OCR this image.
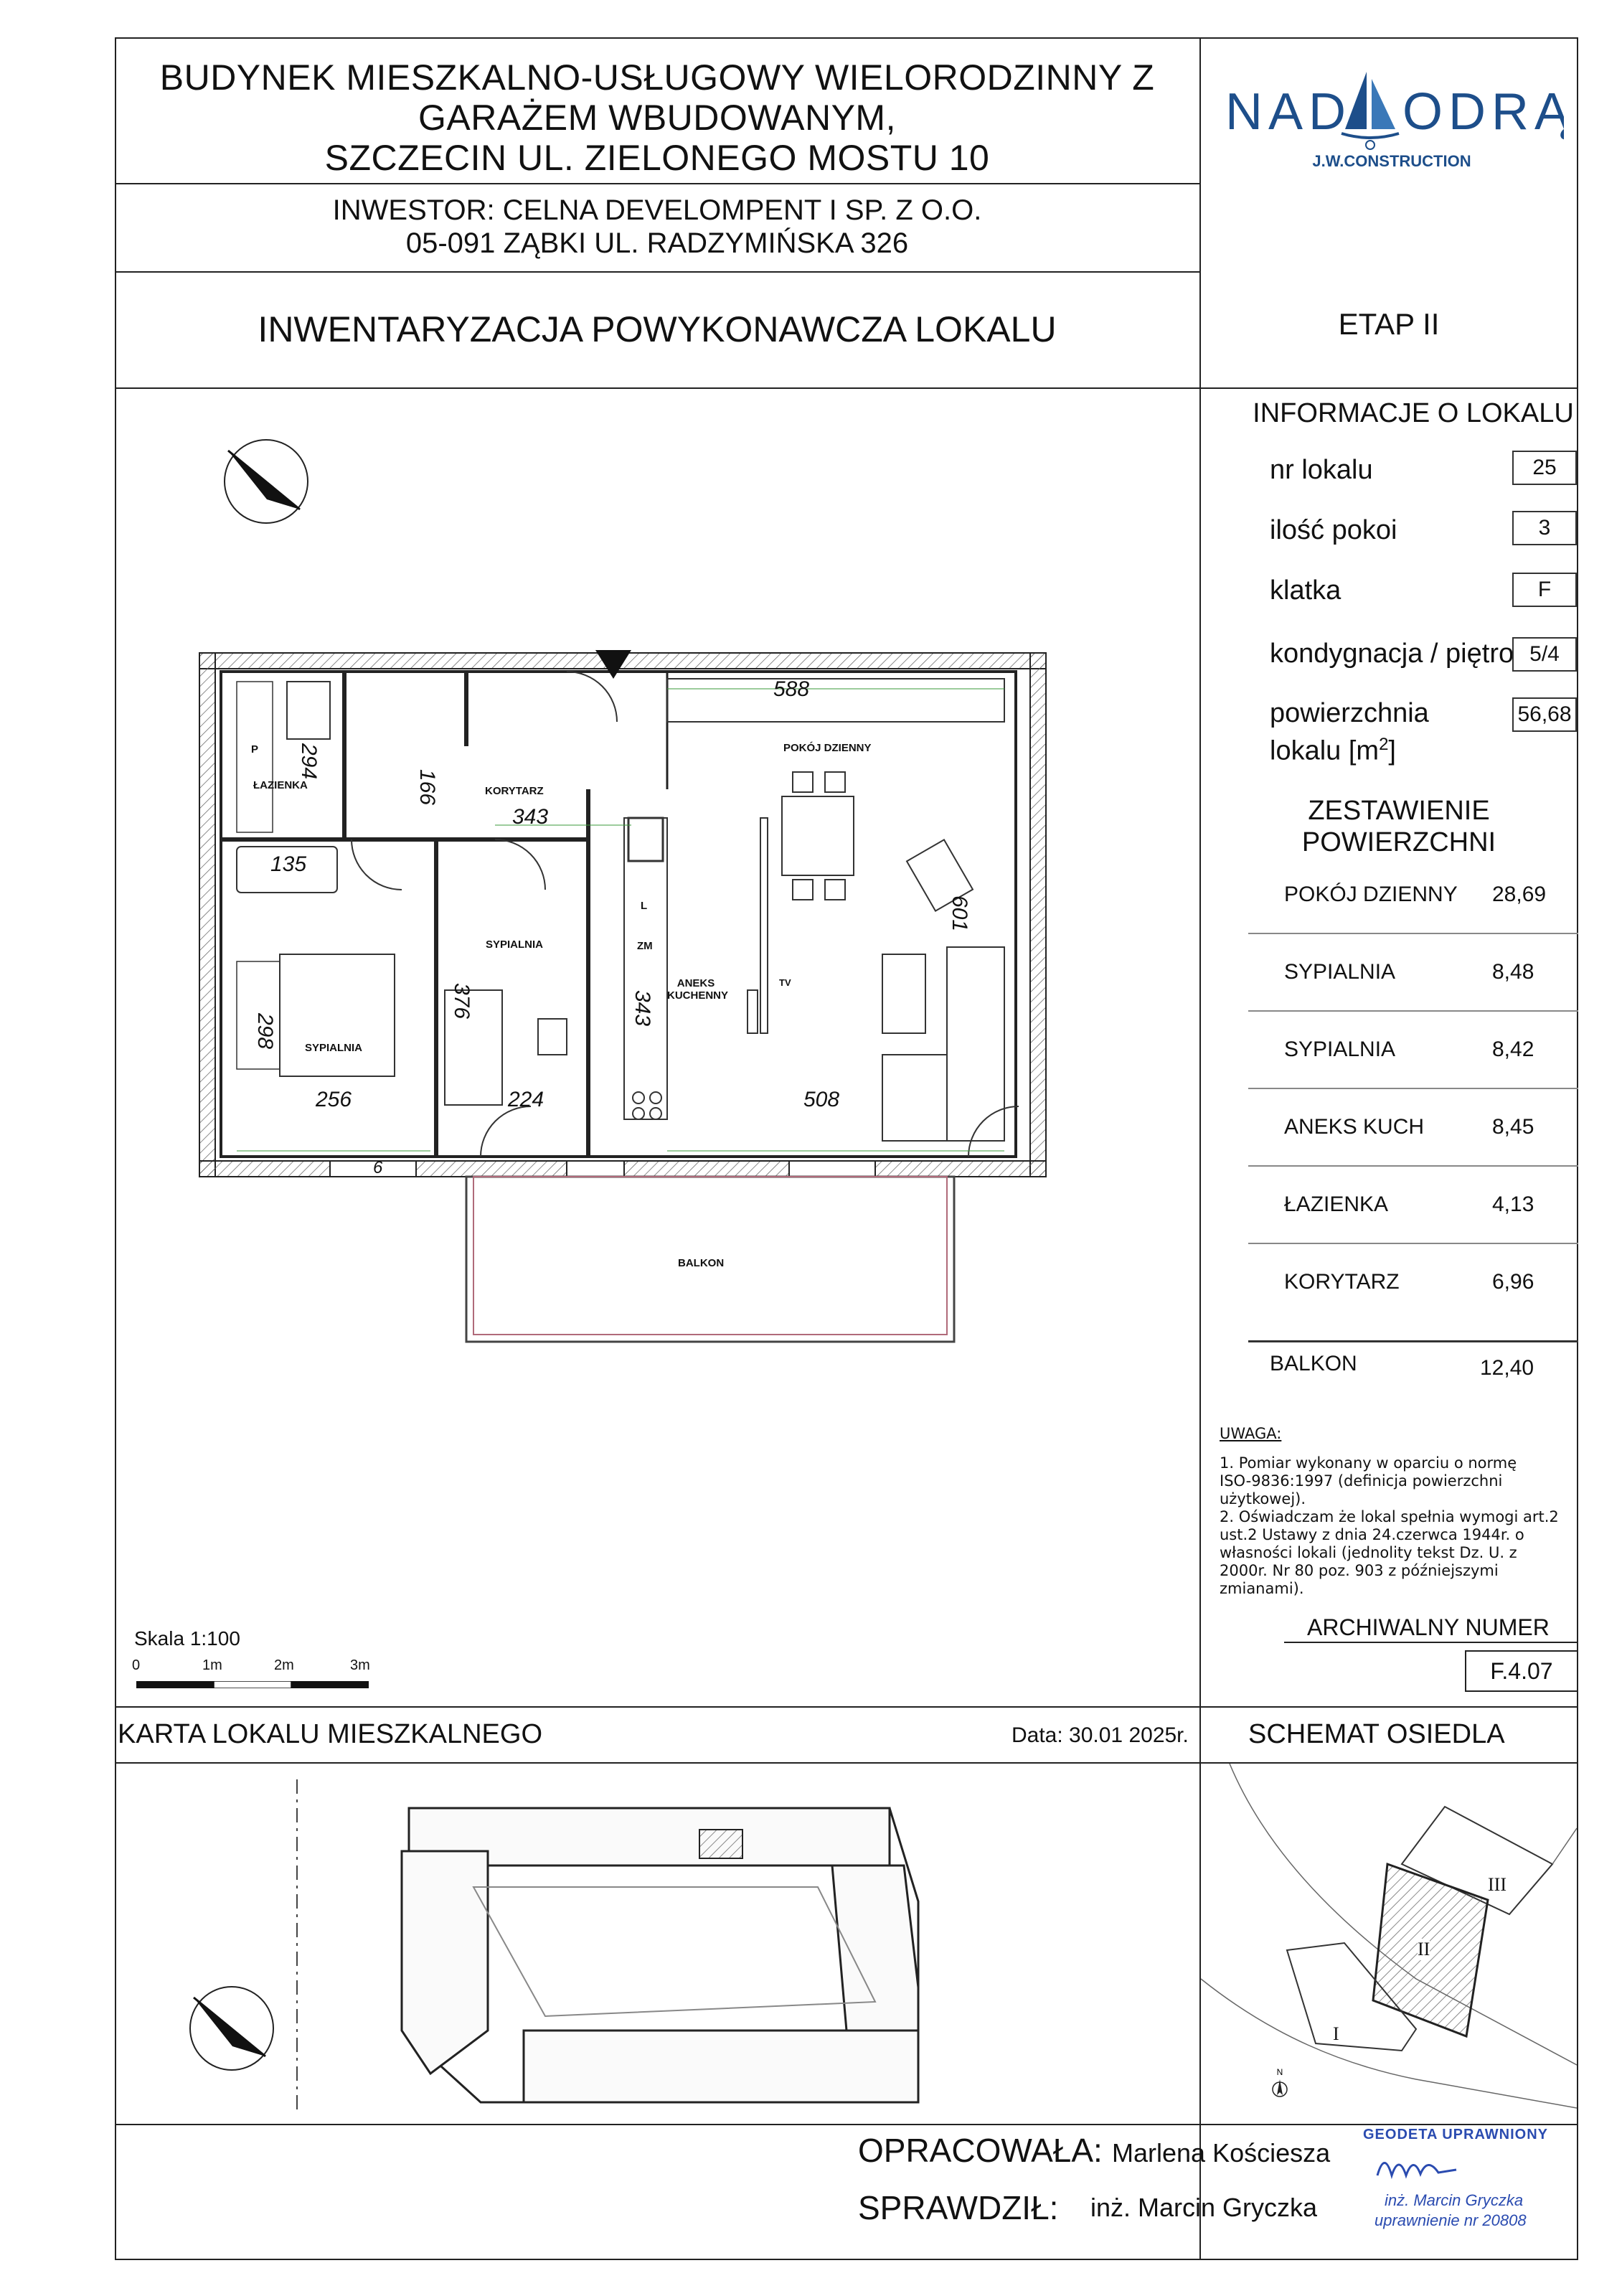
BUDYNEK MIESZKALNO-USŁUGOWY WIELORODZINNY Z
GARAŻEM WBUDOWANYM,
SZCZECIN UL. ZIELONEGO MOSTU 10
INWESTOR: CELNA DEVELOMPENT I SP. Z O.O.
05-091 ZĄBKI UL. RADZYMIŃSKA 326
INWENTARYZACJA POWYKONAWCZA LOKALU	ETAP II
NAD ODRĄ
J.W.CONSTRUCTION
INFORMACJE O LOKALU
nr lokalu	25
ilość pokoi	3
klatka	F
kondygnacja / piętro 5/4
powierzchnia
lokalu $[m^2]$
56,68
ZESTAWIENIE
POWIERZCHNI
POKÓJ DZIENNY 28,69
SYPIALNIA	8,48
SYPIALNIA	8,42
ANEKS KUCH	8,45
ŁAZIENKA	4,13
KORYTARZ	6,96
BALKON	12,40
UWAGA:
1. Pomiar wykonany w oparciu o normę
ISO-9836:1997 (definicja powierzchni
użytkowej).
2. Oświadczam że lokal spełnia wymogi art.2
ust.2 Ustawy z dnia 24.czerwca 1944r. o
własności lokali (jednolity tekst Dz. U. z
2000r. Nr 80 poz. 903 z późniejszymi
zmianami).
ARCHIWALNY NUMER
F.4.07
POKÓJ DZIENNY
KORYTARZ
ŁAZIENKA
SYPIALNIA
SYPIALNIA
ANEKS
KUCHENNY
BALKON
P
L
ZM
TV
588
294
166
343
135
601
376	343
298
256	224	508
6
Skala 1:100
0	1m	2m	3m
KARTA LOKALU MIESZKALNEGO	Data: 30.01 2025r. SCHEMAT OSIEDLA
I
II
III
N
OPRACOWAŁA: Marlena Kościesza
SPRAWDZIŁ: inż. Marcin Gryczka
GEODETA UPRAWNIONY
inż. Marcin Gryczka
uprawnienie nr 20808
